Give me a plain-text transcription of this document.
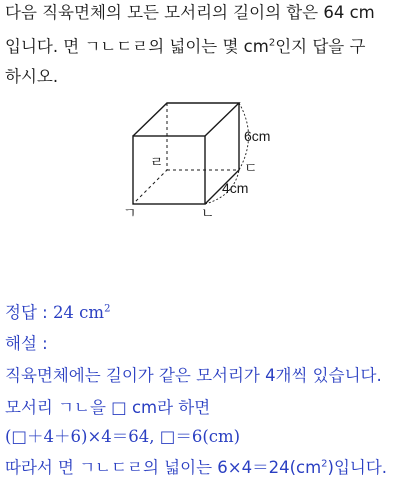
다음 직육면체의 모든 모서리의 길이의 합은 64 cm
입니다. 면 ㄱㄴㄷㄹ의 넓이는 몇 $cm^2$인지 답을 구
하시오.
6cm
4cm
ㄱ	ㄴ
ㄷ
ㄹ
정답 : 24 $cm^2$
해설 :
직육면체에는 길이가 같은 모서리가 4개씩 있습니다.
모서리 ㄱㄴ을 □ cm라 하면
(□＋4＋6)×4＝64, □＝6(cm)
따라서 면 ㄱㄴㄷㄹ의 넓이는 $6\times 4=24(cm^2)$입니다.
